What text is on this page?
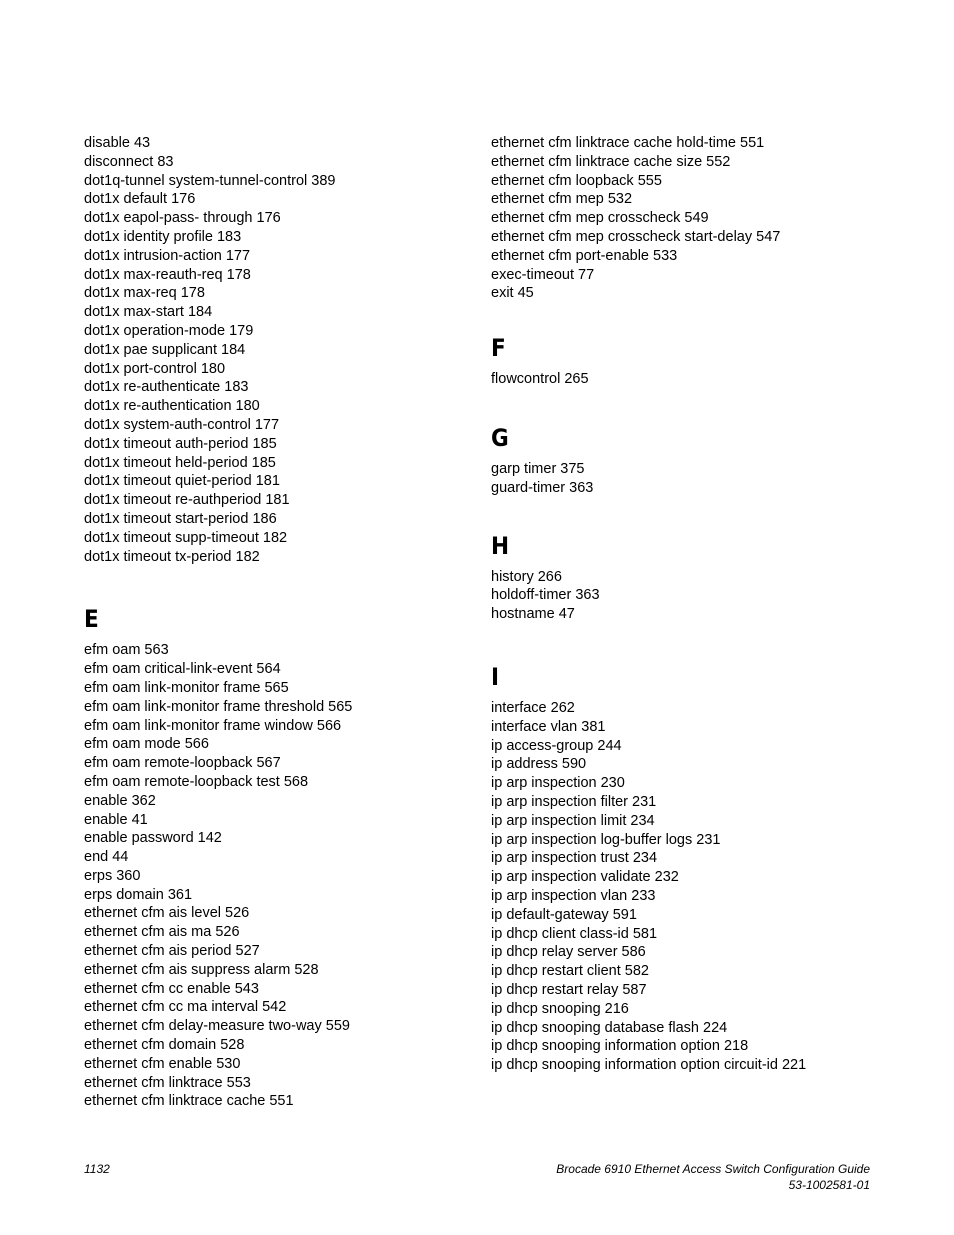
disable 43
disconnect 83
dot1q-tunnel system-tunnel-control 389
dot1x default 176
dot1x eapol-pass- through 176
dot1x identity profile 183
dot1x intrusion-action 177
dot1x max-reauth-req 178
dot1x max-req 178
dot1x max-start 184
dot1x operation-mode 179
dot1x pae supplicant 184
dot1x port-control 180
dot1x re-authenticate 183
dot1x re-authentication 180
dot1x system-auth-control 177
dot1x timeout auth-period 185
dot1x timeout held-period 185
dot1x timeout quiet-period 181
dot1x timeout re-authperiod 181
dot1x timeout start-period 186
dot1x timeout supp-timeout 182
dot1x timeout tx-period 182
E
efm oam 563
efm oam critical-link-event 564
efm oam link-monitor frame 565
efm oam link-monitor frame threshold 565
efm oam link-monitor frame window 566
efm oam mode 566
efm oam remote-loopback 567
efm oam remote-loopback test 568
enable 362
enable 41
enable password 142
end 44
erps 360
erps domain 361
ethernet cfm ais level 526
ethernet cfm ais ma 526
ethernet cfm ais period 527
ethernet cfm ais suppress alarm 528
ethernet cfm cc enable 543
ethernet cfm cc ma interval 542
ethernet cfm delay-measure two-way 559
ethernet cfm domain 528
ethernet cfm enable 530
ethernet cfm linktrace 553
ethernet cfm linktrace cache 551
ethernet cfm linktrace cache hold-time 551
ethernet cfm linktrace cache size 552
ethernet cfm loopback 555
ethernet cfm mep 532
ethernet cfm mep crosscheck 549
ethernet cfm mep crosscheck start-delay 547
ethernet cfm port-enable 533
exec-timeout 77
exit 45
F
flowcontrol 265
G
garp timer 375
guard-timer 363
H
history 266
holdoff-timer 363
hostname 47
I
interface 262
interface vlan 381
ip access-group 244
ip address 590
ip arp inspection 230
ip arp inspection filter 231
ip arp inspection limit 234
ip arp inspection log-buffer logs 231
ip arp inspection trust 234
ip arp inspection validate 232
ip arp inspection vlan 233
ip default-gateway 591
ip dhcp client class-id 581
ip dhcp relay server 586
ip dhcp restart client 582
ip dhcp restart relay 587
ip dhcp snooping 216
ip dhcp snooping database flash 224
ip dhcp snooping information option 218
ip dhcp snooping information option circuit-id 221
1132	Brocade 6910 Ethernet Access Switch Configuration Guide
53-1002581-01
